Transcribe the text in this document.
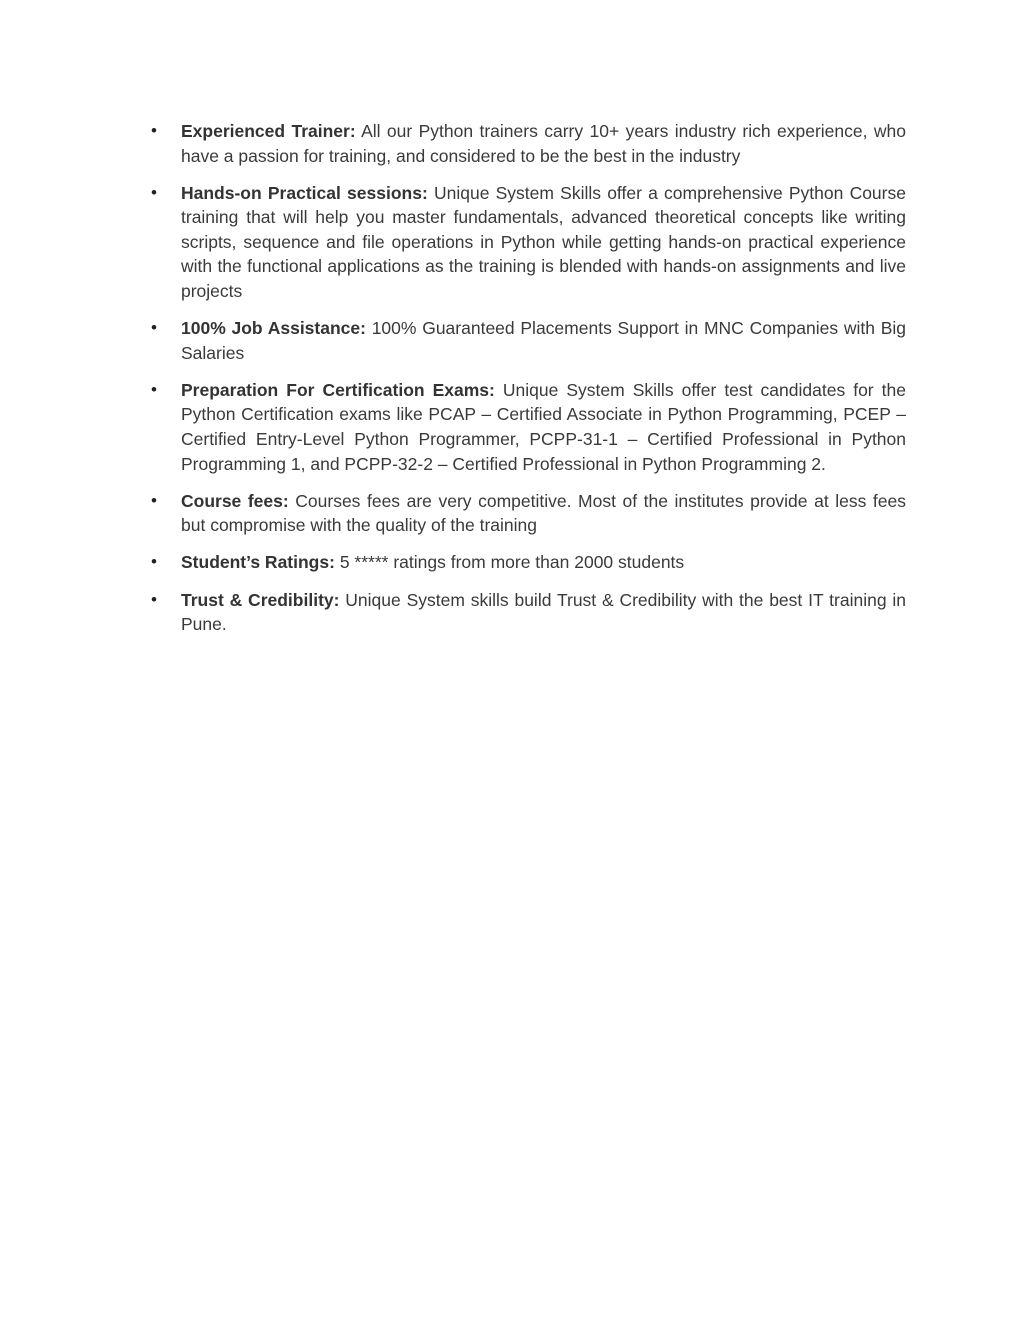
• Experienced Trainer: All our Python trainers carry 10+ years industry rich experience, who have a passion for training, and considered to be the best in the industry
• Hands-on Practical sessions: Unique System Skills offer a comprehensive Python Course training that will help you master fundamentals, advanced theoretical concepts like writing scripts, sequence and file operations in Python while getting hands-on practical experience with the functional applications as the training is blended with hands-on assignments and live projects
• 100% Job Assistance: 100% Guaranteed Placements Support in MNC Companies with Big Salaries
• Preparation For Certification Exams: Unique System Skills offer test candidates for the Python Certification exams like PCAP – Certified Associate in Python Programming, PCEP – Certified Entry-Level Python Programmer, PCPP-31-1 – Certified Professional in Python Programming 1, and PCPP-32-2 – Certified Professional in Python Programming 2.
• Course fees: Courses fees are very competitive. Most of the institutes provide at less fees but compromise with the quality of the training
• Student’s Ratings: 5 ***** ratings from more than 2000 students
• Trust & Credibility: Unique System skills build Trust & Credibility with the best IT training in Pune.
